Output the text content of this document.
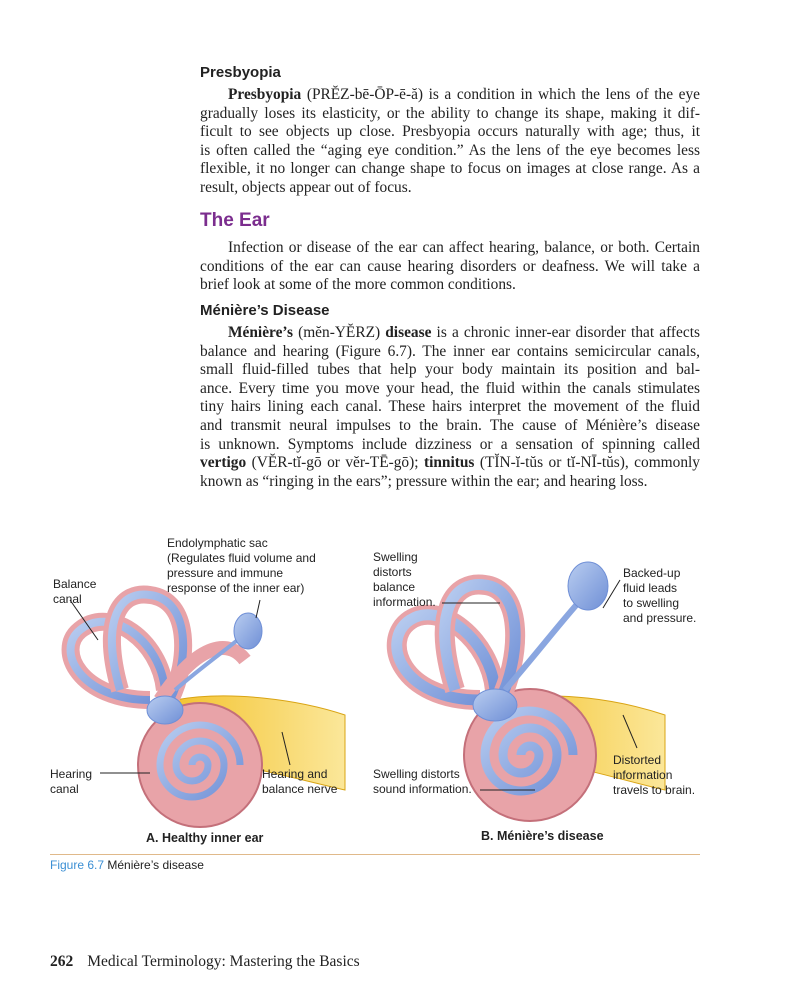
Presbyopia
Presbyopia (PRĔZ-bē-ŌP-ē-ă) is a condition in which the lens of the eye
gradually loses its elasticity, or the ability to change its shape, making it dif-
ficult to see objects up close. Presbyopia occurs naturally with age; thus, it
is often called the “aging eye condition.” As the lens of the eye becomes less
flexible, it no longer can change shape to focus on images at close range. As a
result, objects appear out of focus.
The Ear
Infection or disease of the ear can affect hearing, balance, or both. Certain
conditions of the ear can cause hearing disorders or deafness. We will take a
brief look at some of the more common conditions.
Ménière’s Disease
Ménière’s (mĕn-YĔRZ) disease is a chronic inner-ear disorder that affects
balance and hearing (Figure 6.7). The inner ear contains semicircular canals,
small fluid-filled tubes that help your body maintain its position and bal-
ance. Every time you move your head, the fluid within the canals stimulates
tiny hairs lining each canal. These hairs interpret the movement of the fluid
and transmit neural impulses to the brain. The cause of Ménière’s disease
is unknown. Symptoms include dizziness or a sensation of spinning called
vertigo (VĔR-tĭ-gō or vĕr-TĒ-gō); tinnitus (TĬN-ĭ-tŭs or tĭ-NĪ-tŭs), commonly
known as “ringing in the ears”; pressure within the ear; and hearing loss.
Endolymphatic sac
(Regulates fluid volume and
pressure and immune
response of the inner ear)
Balance
canal
Hearing
canal
Hearing and
balance nerve
Swelling
distorts
balance
information.
Backed-up
fluid leads
to swelling
and pressure.
Swelling distorts
sound information.
Distorted
information
travels to brain.
A. Healthy inner ear	B. Ménière’s disease
Figure 6.7 Ménière’s disease
262 Medical Terminology: Mastering the Basics
